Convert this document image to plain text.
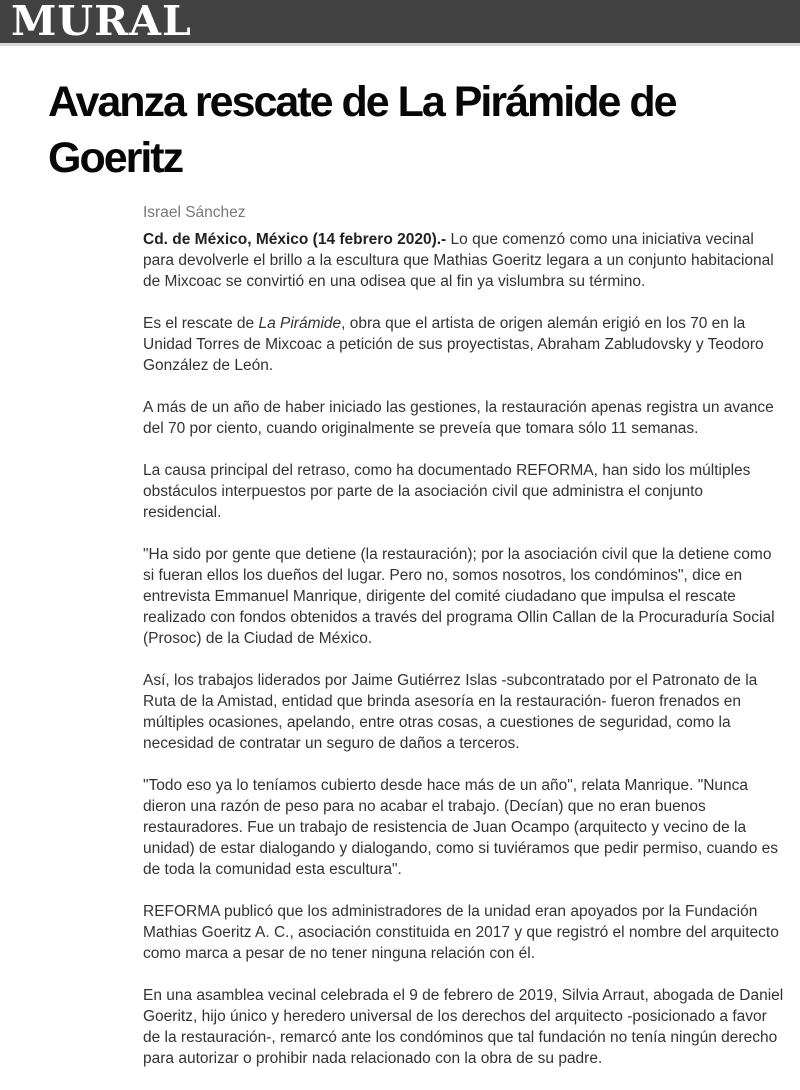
MURAL
Avanza rescate de La Pirámide de Goeritz
Israel Sánchez

Cd. de México, México (14 febrero 2020).- Lo que comenzó como una iniciativa vecinal para devolverle el brillo a la escultura que Mathias Goeritz legara a un conjunto habitacional de Mixcoac se convirtió en una odisea que al fin ya vislumbra su término.

Es el rescate de La Pirámide, obra que el artista de origen alemán erigió en los 70 en la Unidad Torres de Mixcoac a petición de sus proyectistas, Abraham Zabludovsky y Teodoro González de León.

A más de un año de haber iniciado las gestiones, la restauración apenas registra un avance del 70 por ciento, cuando originalmente se preveía que tomara sólo 11 semanas.

La causa principal del retraso, como ha documentado REFORMA, han sido los múltiples obstáculos interpuestos por parte de la asociación civil que administra el conjunto residencial.

"Ha sido por gente que detiene (la restauración); por la asociación civil que la detiene como si fueran ellos los dueños del lugar. Pero no, somos nosotros, los condóminos", dice en entrevista Emmanuel Manrique, dirigente del comité ciudadano que impulsa el rescate realizado con fondos obtenidos a través del programa Ollin Callan de la Procuraduría Social (Prosoc) de la Ciudad de México.

Así, los trabajos liderados por Jaime Gutiérrez Islas -subcontratado por el Patronato de la Ruta de la Amistad, entidad que brinda asesoría en la restauración- fueron frenados en múltiples ocasiones, apelando, entre otras cosas, a cuestiones de seguridad, como la necesidad de contratar un seguro de daños a terceros.

"Todo eso ya lo teníamos cubierto desde hace más de un año", relata Manrique. "Nunca dieron una razón de peso para no acabar el trabajo. (Decían) que no eran buenos restauradores. Fue un trabajo de resistencia de Juan Ocampo (arquitecto y vecino de la unidad) de estar dialogando y dialogando, como si tuviéramos que pedir permiso, cuando es de toda la comunidad esta escultura".

REFORMA publicó que los administradores de la unidad eran apoyados por la Fundación Mathias Goeritz A. C., asociación constituida en 2017 y que registró el nombre del arquitecto como marca a pesar de no tener ninguna relación con él.

En una asamblea vecinal celebrada el 9 de febrero de 2019, Silvia Arraut, abogada de Daniel Goeritz, hijo único y heredero universal de los derechos del arquitecto -posicionado a favor de la restauración-, remarcó ante los condóminos que tal fundación no tenía ningún derecho para autorizar o prohibir nada relacionado con la obra de su padre.
